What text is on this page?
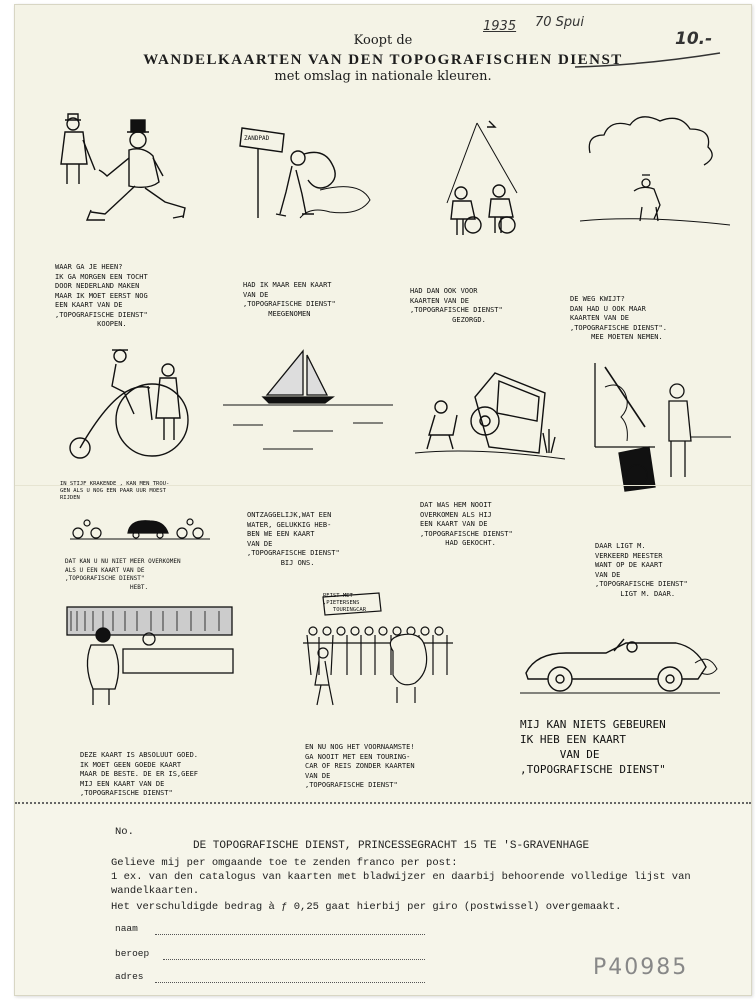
Koopt de
WANDELKAARTEN VAN DEN TOPOGRAFISCHEN DIENST
met omslag in nationale kleuren.
1935 70 Spui
10.-
ZANDPAD
WAAR GA JE HEEN?
IK GA MORGEN EEN TOCHT
DOOR NEDERLAND MAKEN
MAAR IK MOET EERST NOG
EEN KAART VAN DE
,TOPOGRAFISCHE DIENST"
KOOPEN.
HAD IK MAAR EEN KAART
VAN DE
,TOPOGRAFISCHE DIENST"
MEEGENOMEN
HAD DAN OOK VOOR
KAARTEN VAN DE
,TOPOGRAFISCHE DIENST"
GEZORGD.
DE WEG KWIJT?
DAN HAD U OOK MAAR
KAARTEN VAN DE
,TOPOGRAFISCHE DIENST".
MEE MOETEN NEMEN.
IN STIJF KRAKENDE , KAN MEN TROU-
GEN ALS U NOG EEN PAAR UUR MOEST
RIJDEN
ONTZAGGELIJK,WAT EEN
WATER, GELUKKIG HEB-
BEN WE EEN KAART
VAN DE
,TOPOGRAFISCHE DIENST"
BIJ ONS.
DAT WAS HEM NOOIT
OVERKOMEN ALS HIJ
EEN KAART VAN DE
,TOPOGRAFISCHE DIENST"
HAD GEKOCHT.
DAT KAN U NU NIET MEER OVERKOMEN
ALS U EEN KAART VAN DE
,TOPOGRAFISCHE DIENST"
HEBT.
DAAR LIGT M.
VERKEERD MEESTER
WANT OP DE KAART
VAN DE
,TOPOGRAFISCHE DIENST"
LIGT M. DAAR.
REIST MET
,PIETERSENS
TOURINGCAR
DEZE KAART IS ABSOLUUT GOED.
IK MOET GEEN GOEDE KAART
MAAR DE BESTE. DE ER IS,GEEF
MIJ EEN KAART VAN DE
,TOPOGRAFISCHE DIENST"
EN NU NOG HET VOORNAAMSTE!
GA NOOIT MET EEN TOURING-
CAR OF REIS ZONDER KAARTEN
VAN DE
,TOPOGRAFISCHE DIENST"
MIJ KAN NIETS GEBEUREN
IK HEB EEN KAART
VAN DE
,TOPOGRAFISCHE DIENST"
No.
DE TOPOGRAFISCHE DIENST, PRINCESSEGRACHT 15 TE 'S-GRAVENHAGE
Gelieve mij per omgaande toe te zenden franco per post:
1 ex. van den catalogus van kaarten met bladwijzer en daarbij behoorende volledige lijst van
wandelkaarten.
Het verschuldigde bedrag à ƒ 0,25 gaat hierbij per giro (postwissel) overgemaakt.
naam
beroep
adres	P40985
